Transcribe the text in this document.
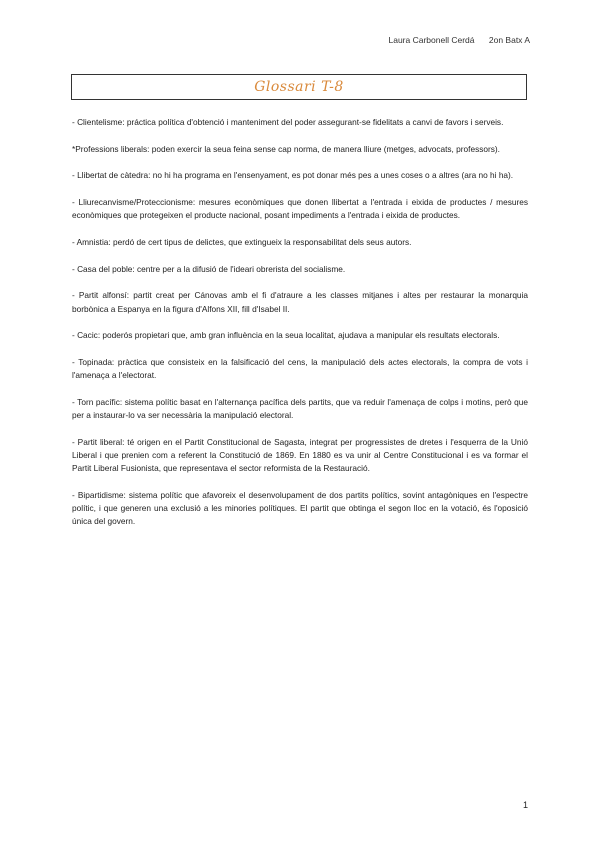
Laura Carbonell Cerdá 2on Batx A
Glossari T-8

- Clientelisme: práctica política d'obtenció i manteniment del poder assegurant-se fidelitats a canvi de favors i serveis.

*Professions liberals: poden exercir la seua feina sense cap norma, de manera lliure (metges, advocats, professors).

- Llibertat de càtedra: no hi ha programa en l'ensenyament, es pot donar més pes a unes coses o a altres (ara no hi ha).

- Lliurecanvisme/Proteccionisme: mesures econòmiques que donen llibertat a l'entrada i eixida de productes / mesures econòmiques que protegeixen el producte nacional, posant impediments a l'entrada i eixida de productes.

- Amnistia: perdó de cert tipus de delictes, que extingueix la responsabilitat dels seus autors.

- Casa del poble: centre per a la difusió de l'ideari obrerista del socialisme.

- Partit alfonsí: partit creat per Cánovas amb el fi d'atraure a les classes mitjanes i altes per restaurar la monarquia borbònica a Espanya en la figura d'Alfons XII, fill d'Isabel II.

- Cacic: poderós propietari que, amb gran influència en la seua localitat, ajudava a manipular els resultats electorals.

- Topinada: pràctica que consisteix en la falsificació del cens, la manipulació dels actes electorals, la compra de vots i l'amenaça a l'electorat.

- Torn pacífic: sistema polític basat en l'alternança pacífica dels partits, que va reduir l'amenaça de colps i motins, però que per a instaurar-lo va ser necessària la manipulació electoral.

- Partit liberal: té origen en el Partit Constitucional de Sagasta, integrat per progressistes de dretes i l'esquerra de la Unió Liberal i que prenien com a referent la Constitució de 1869. En 1880 es va unir al Centre Constitucional i es va formar el Partit Liberal Fusionista, que representava el sector reformista de la Restauració.

- Bipartidisme: sistema polític que afavoreix el desenvolupament de dos partits polítics, sovint antagòniques en l'espectre polític, i que generen una exclusió a les minories polítiques. El partit que obtinga el segon lloc en la votació, és l'oposició única del govern.

1
